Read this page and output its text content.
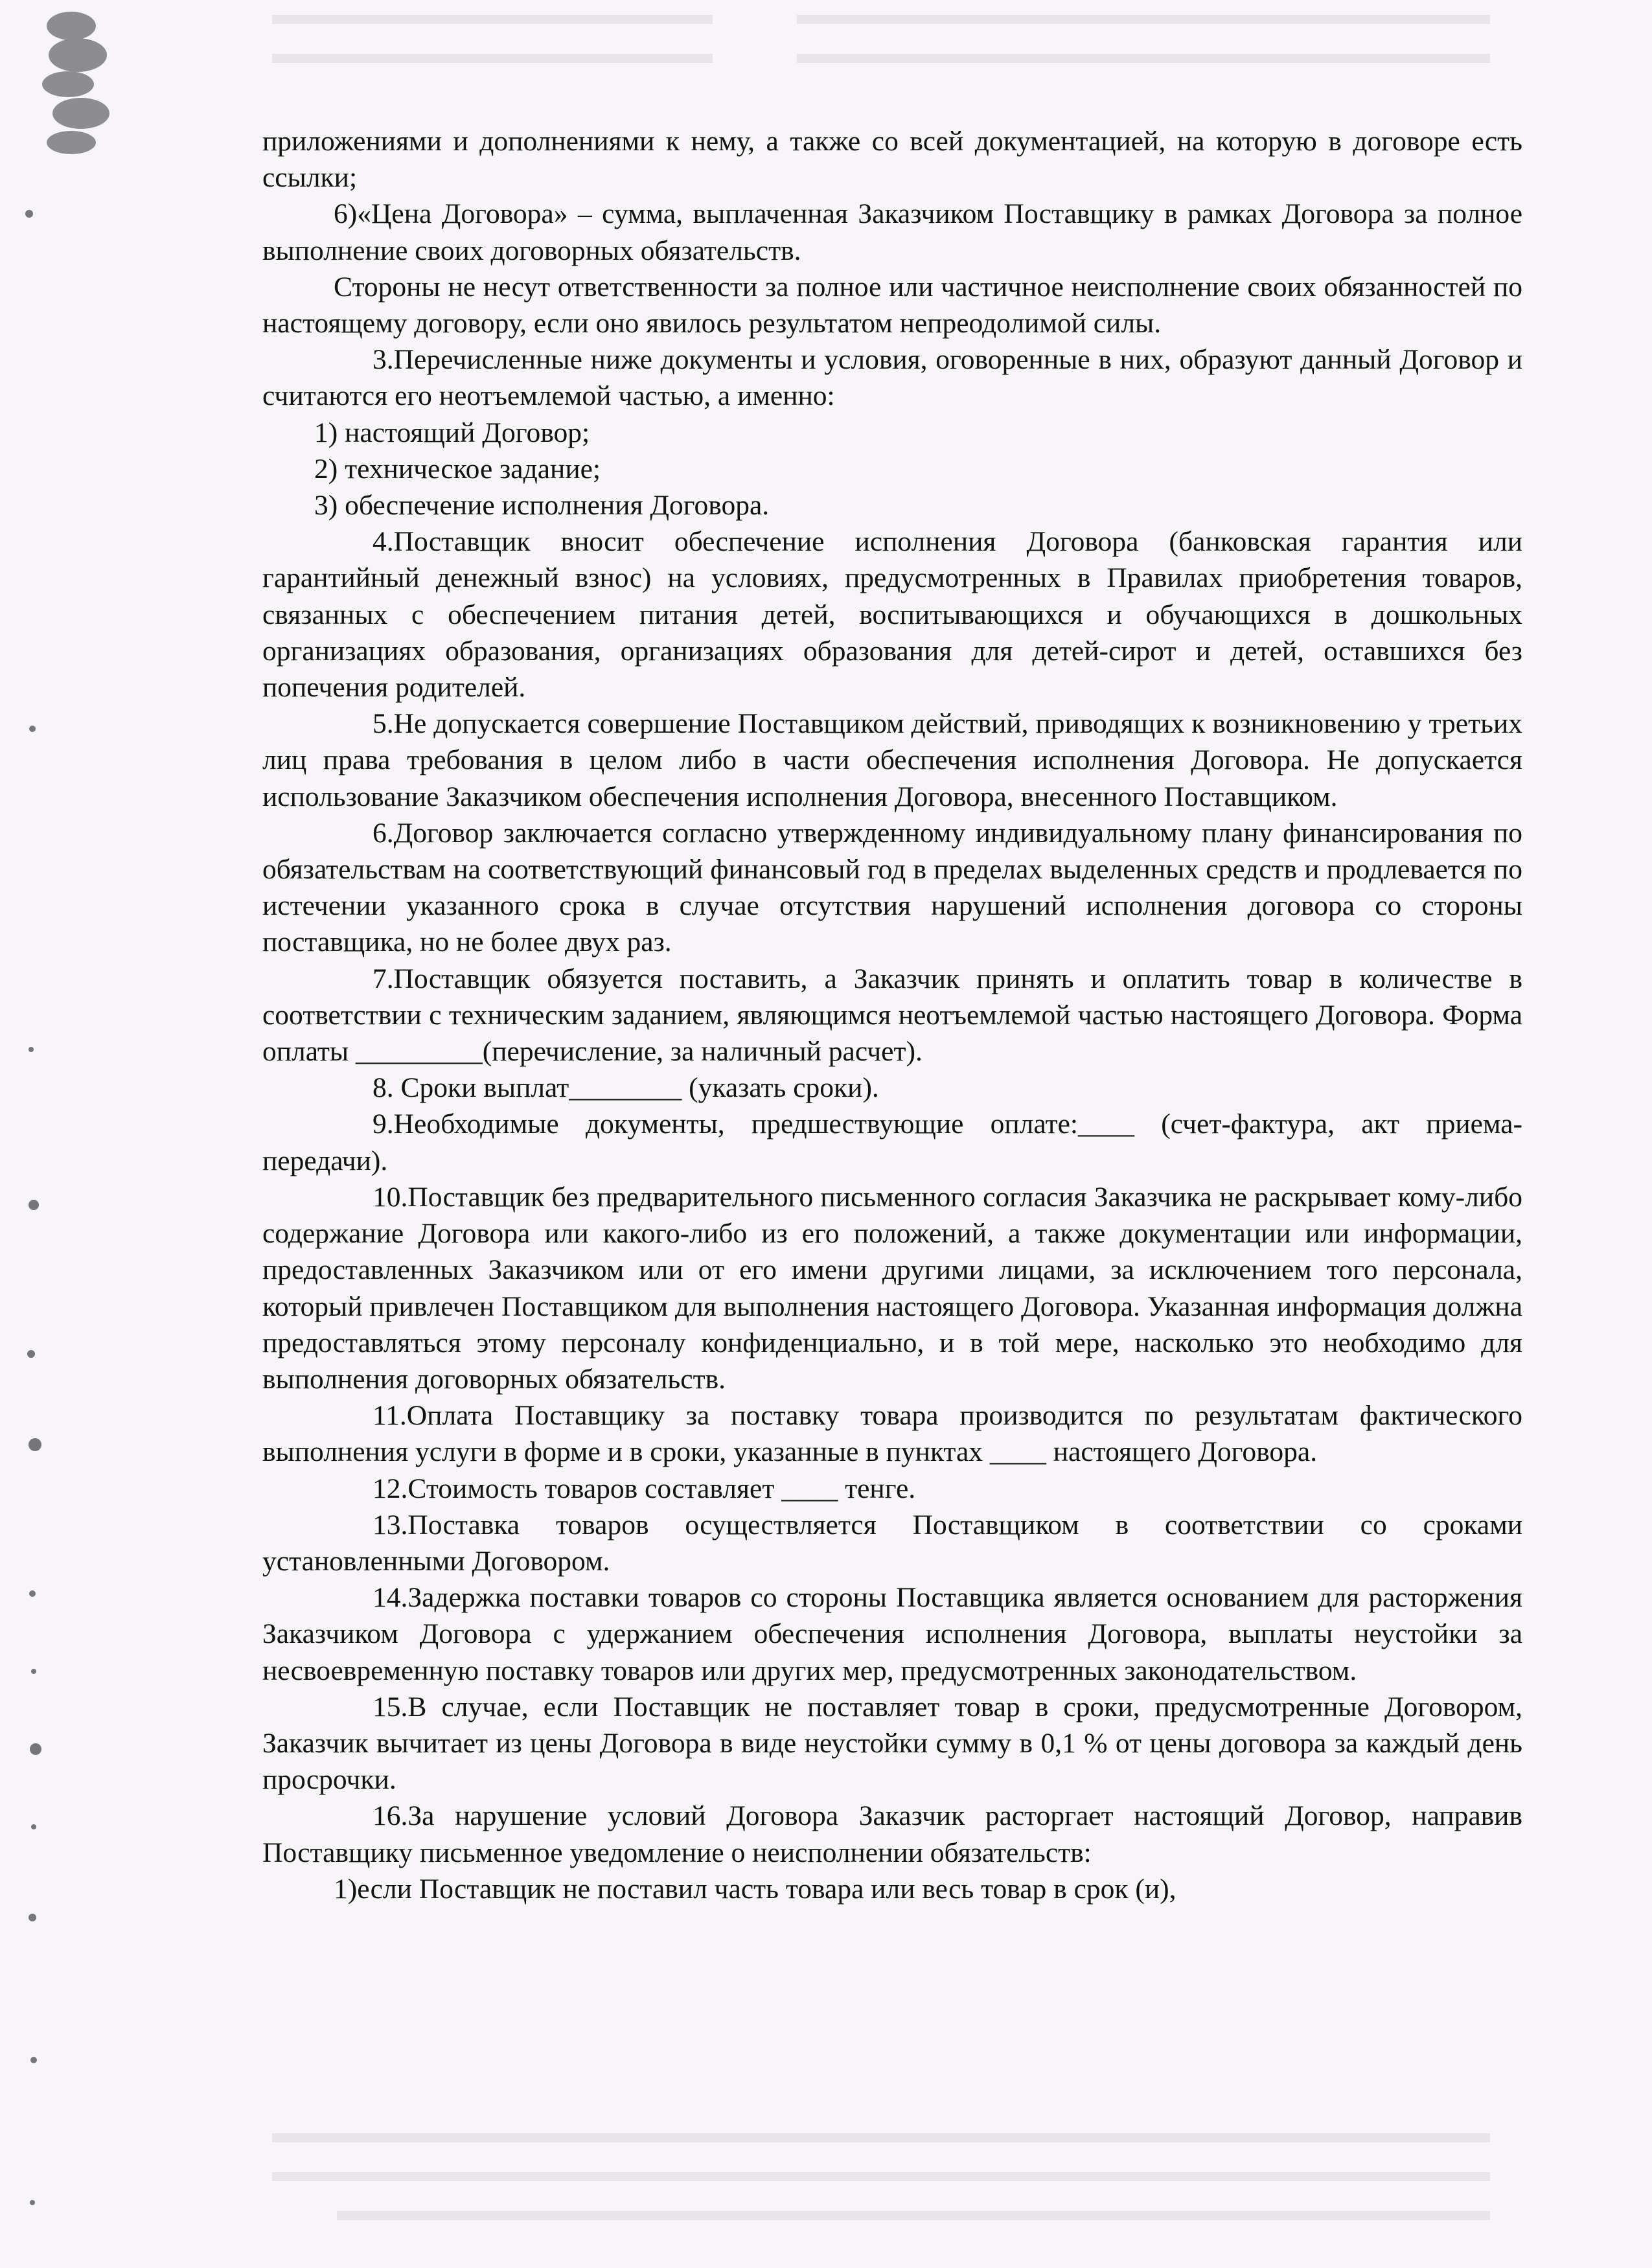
приложениями и дополнениями к нему, а также со всей документацией, на которую в договоре есть ссылки;

6)«Цена Договора» – сумма, выплаченная Заказчиком Поставщику в рамках Договора за полное выполнение своих договорных обязательств.

Стороны не несут ответственности за полное или частичное неисполнение своих обязанностей по настоящему договору, если оно явилось результатом непреодолимой силы.

3.Перечисленные ниже документы и условия, оговоренные в них, образуют данный Договор и считаются его неотъемлемой частью, а именно:

1) настоящий Договор;

2) техническое задание;

3) обеспечение исполнения Договора.

4.Поставщик вносит обеспечение исполнения Договора (банковская гарантия или гарантийный денежный взнос) на условиях, предусмотренных в Правилах приобретения товаров, связанных с обеспечением питания детей, воспитывающихся и обучающихся в дошкольных организациях образования, организациях образования для детей-сирот и детей, оставшихся без попечения родителей.

5.Не допускается совершение Поставщиком действий, приводящих к возникновению у третьих лиц права требования в целом либо в части обеспечения исполнения Договора. Не допускается использование Заказчиком обеспечения исполнения Договора, внесенного Поставщиком.

6.Договор заключается согласно утвержденному индивидуальному плану финансирования по обязательствам на соответствующий финансовый год в пределах выделенных средств и продлевается по истечении указанного срока в случае отсутствия нарушений исполнения договора со стороны поставщика, но не более двух раз.

7.Поставщик обязуется поставить, а Заказчик принять и оплатить товар в количестве в соответствии с техническим заданием, являющимся неотъемлемой частью настоящего Договора. Форма оплаты _________(перечисление, за наличный расчет).

8. Сроки выплат________ (указать сроки).

9.Необходимые документы, предшествующие оплате:____ (счет-фактура, акт приема-передачи).

10.Поставщик без предварительного письменного согласия Заказчика не раскрывает кому-либо содержание Договора или какого-либо из его положений, а также документации или информации, предоставленных Заказчиком или от его имени другими лицами, за исключением того персонала, который привлечен Поставщиком для выполнения настоящего Договора. Указанная информация должна предоставляться этому персоналу конфиденциально, и в той мере, насколько это необходимо для выполнения договорных обязательств.

11.Оплата Поставщику за поставку товара производится по результатам фактического выполнения услуги в форме и в сроки, указанные в пунктах ____ настоящего Договора.

12.Стоимость товаров составляет ____ тенге.

13.Поставка товаров осуществляется Поставщиком в соответствии со сроками установленными Договором.

14.Задержка поставки товаров со стороны Поставщика является основанием для расторжения Заказчиком Договора с удержанием обеспечения исполнения Договора, выплаты неустойки за несвоевременную поставку товаров или других мер, предусмотренных законодательством.

15.В случае, если Поставщик не поставляет товар в сроки, предусмотренные Договором, Заказчик вычитает из цены Договора в виде неустойки сумму в 0,1 % от цены договора за каждый день просрочки.

16.За нарушение условий Договора Заказчик расторгает настоящий Договор, направив Поставщику письменное уведомление о неисполнении обязательств:

1)если Поставщик не поставил часть товара или весь товар в срок (и),
